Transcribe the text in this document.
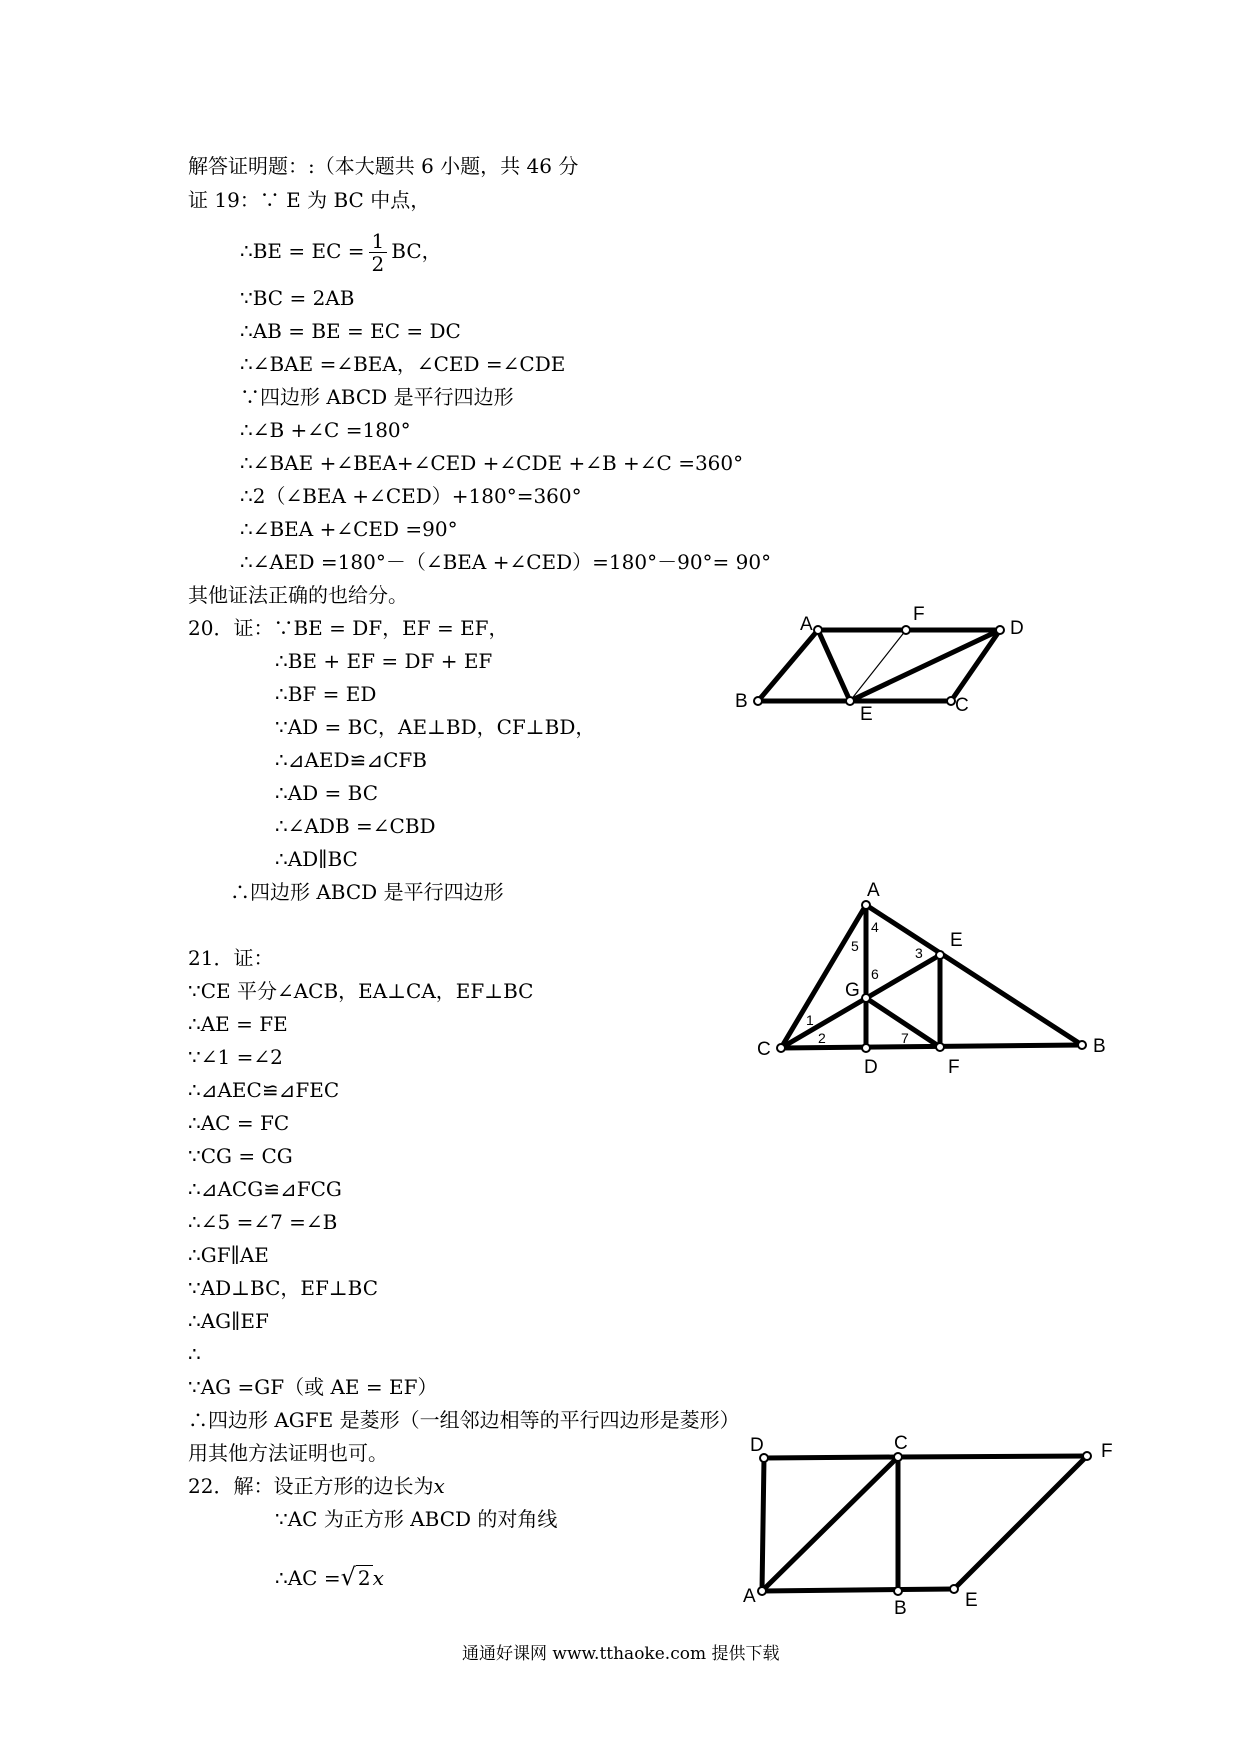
解答证明题：:（本大题共 6 小题，共 46 分
证 19：∵ E 为 BC 中点，
∴BE = EC = $\frac{1}{2}$ BC，
∵BC = 2AB
∴AB = BE = EC = DC
∴∠BAE =∠BEA，∠CED =∠CDE
∵四边形 ABCD 是平行四边形
∴∠B +∠C =180°
∴∠BAE +∠BEA+∠CED +∠CDE +∠B +∠C =360°
∴2（∠BEA +∠CED）+180°=360°
∴∠BEA +∠CED =90°
∴∠AED =180°－（∠BEA +∠CED）=180°－90°= 90°
其他证法正确的也给分。
20．证：∵BE = DF，EF = EF，
∴BE + EF = DF + EF
∴BF = ED
∵AD = BC，AE⊥BD，CF⊥BD，
∴⊿AED≌⊿CFB
∴AD = BC
∴∠ADB =∠CBD
∴AD∥BC
∴四边形 ABCD 是平行四边形
21．证：
∵CE 平分∠ACB，EA⊥CA，EF⊥BC
∴AE = FE
∵∠1 =∠2
∴⊿AEC≌⊿FEC
∴AC = FC
∵CG = CG
∴⊿ACG≌⊿FCG
∴∠5 =∠7 =∠B
∴GF∥AE
∵AD⊥BC，EF⊥BC
∴AG∥EF
∴
∵AG =GF（或 AE = EF）
∴四边形 AGFE 是菱形（一组邻边相等的平行四边形是菱形）
用其他方法证明也可。
22．解：设正方形的边长为x
∵AC 为正方形 ABCD 的对角线
∴AC =√ 2 x
A	F
D
B
E	C
A
E
G
C
D	F
B
1
2
3
4
5
6
7
D	C	F
A
B	E
通通好课网 www.tthaoke.com 提供下载
